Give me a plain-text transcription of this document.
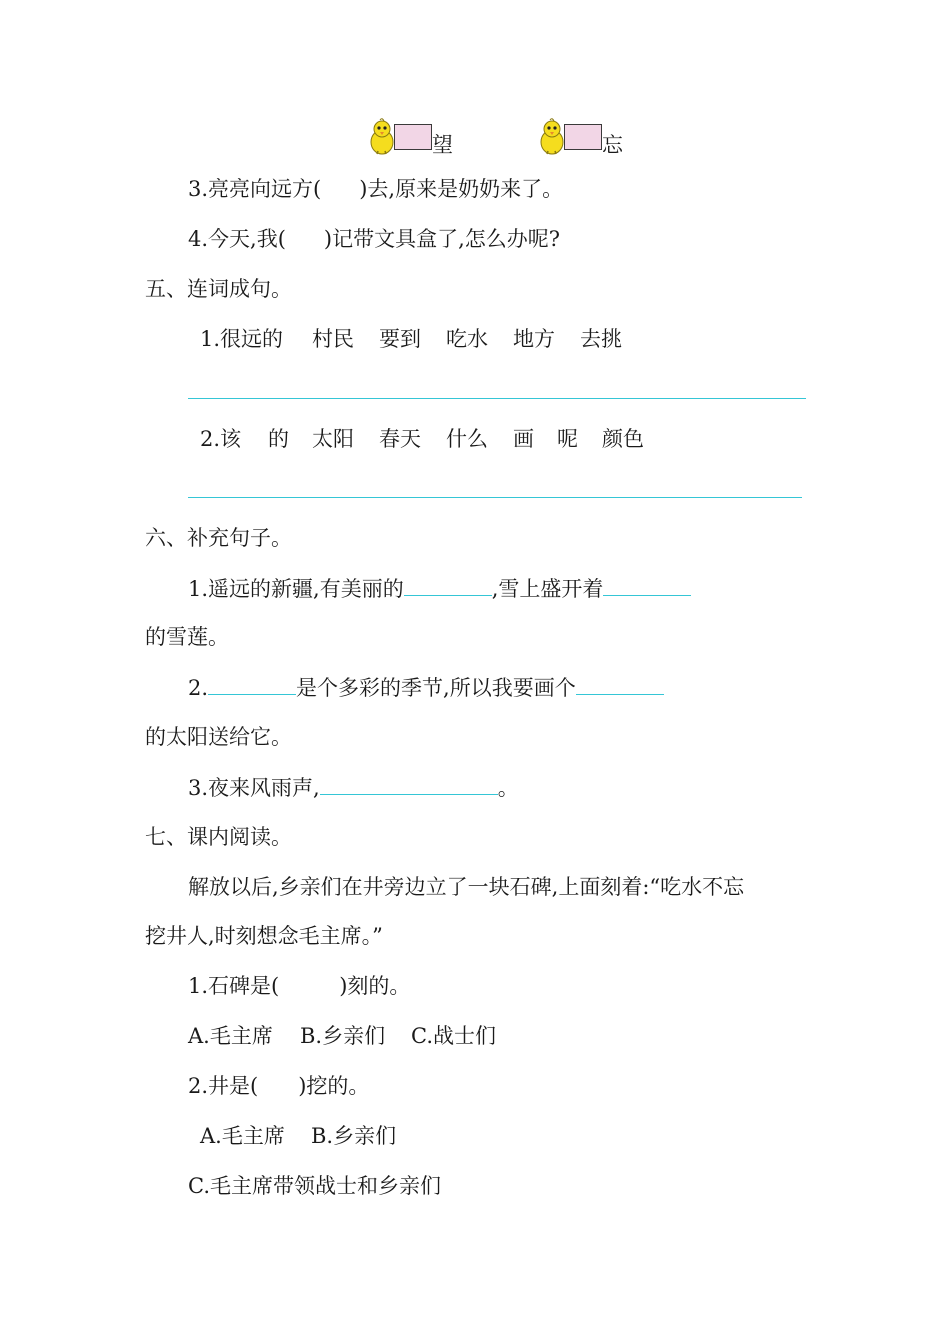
望	忘
3.亮亮向远方( )去,原来是奶奶来了。
4.今天,我( )记带文具盒了,怎么办呢?
五、连词成句。
1.很远的 村民 要到 吃水 地方 去挑
2.该 的 太阳 春天 什么 画 呢 颜色
六、补充句子。
1.遥远的新疆,有美丽的	,雪上盛开着
的雪莲。
2.	是个多彩的季节,所以我要画个
的太阳送给它。
3.夜来风雨声,	。
七、课内阅读。
解放以后,乡亲们在井旁边立了一块石碑,上面刻着:“吃水不忘
挖井人,时刻想念毛主席。”
1.石碑是(	)刻的。
A.毛主席 B.乡亲们 C.战士们
2.井是( )挖的。
A.毛主席 B.乡亲们
C.毛主席带领战士和乡亲们
